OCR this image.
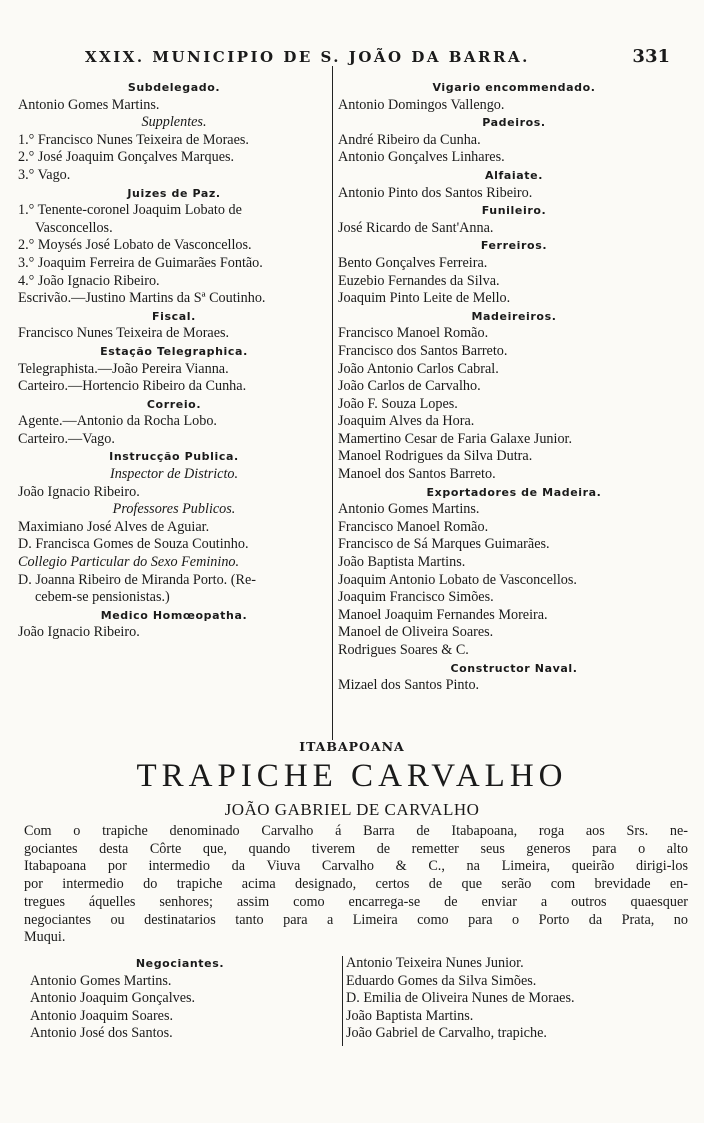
XXIX. MUNICIPIO DE S. JOÃO DA BARRA.	331
Subdelegado.
Antonio Gomes Martins.
Supplentes.
1.° Francisco Nunes Teixeira de Moraes.
2.° José Joaquim Gonçalves Marques.
3.° Vago.
Juizes de Paz.
1.° Tenente-coronel Joaquim Lobato de
Vasconcellos.
2.° Moysés José Lobato de Vasconcellos.
3.° Joaquim Ferreira de Guimarães Fontão.
4.° João Ignacio Ribeiro.
Escrivão.—Justino Martins da Sª Coutinho.
Fiscal.
Francisco Nunes Teixeira de Moraes.
Estação Telegraphica.
Telegraphista.—João Pereira Vianna.
Carteiro.—Hortencio Ribeiro da Cunha.
Correio.
Agente.—Antonio da Rocha Lobo.
Carteiro.—Vago.
Instrucção Publica.
Inspector de Districto.
João Ignacio Ribeiro.
Professores Publicos.
Maximiano José Alves de Aguiar.
D. Francisca Gomes de Souza Coutinho.
Collegio Particular do Sexo Feminino.
D. Joanna Ribeiro de Miranda Porto. (Re-
cebem-se pensionistas.)
Medico Homœopatha.
João Ignacio Ribeiro.
Vigario encommendado.
Antonio Domingos Vallengo.
Padeiros.
André Ribeiro da Cunha.
Antonio Gonçalves Linhares.
Alfaiate.
Antonio Pinto dos Santos Ribeiro.
Funileiro.
José Ricardo de Sant'Anna.
Ferreiros.
Bento Gonçalves Ferreira.
Euzebio Fernandes da Silva.
Joaquim Pinto Leite de Mello.
Madeireiros.
Francisco Manoel Romão.
Francisco dos Santos Barreto.
João Antonio Carlos Cabral.
João Carlos de Carvalho.
João F. Souza Lopes.
Joaquim Alves da Hora.
Mamertino Cesar de Faria Galaxe Junior.
Manoel Rodrigues da Silva Dutra.
Manoel dos Santos Barreto.
Exportadores de Madeira.
Antonio Gomes Martins.
Francisco Manoel Romão.
Francisco de Sá Marques Guimarães.
João Baptista Martins.
Joaquim Antonio Lobato de Vasconcellos.
Joaquim Francisco Simões.
Manoel Joaquim Fernandes Moreira.
Manoel de Oliveira Soares.
Rodrigues Soares & C.
Constructor Naval.
Mizael dos Santos Pinto.
ITABAPOANA
TRAPICHE CARVALHO
JOÃO GABRIEL DE CARVALHO
Com o trapiche denominado Carvalho á Barra de Itabapoana, roga aos Srs. ne-
gociantes desta Côrte que, quando tiverem de remetter seus generos para o alto
Itabapoana por intermedio da Viuva Carvalho & C., na Limeira, queirão dirigi-los
por intermedio do trapiche acima designado, certos de que serão com brevidade en-
tregues áquelles senhores; assim como encarrega-se de enviar a outros quaesquer
negociantes ou destinatarios tanto para a Limeira como para o Porto da Prata, no
Muqui.
Negociantes.
Antonio Gomes Martins.
Antonio Joaquim Gonçalves.
Antonio Joaquim Soares.
Antonio José dos Santos.
Antonio Teixeira Nunes Junior.
Eduardo Gomes da Silva Simões.
D. Emilia de Oliveira Nunes de Moraes.
João Baptista Martins.
João Gabriel de Carvalho, trapiche.
